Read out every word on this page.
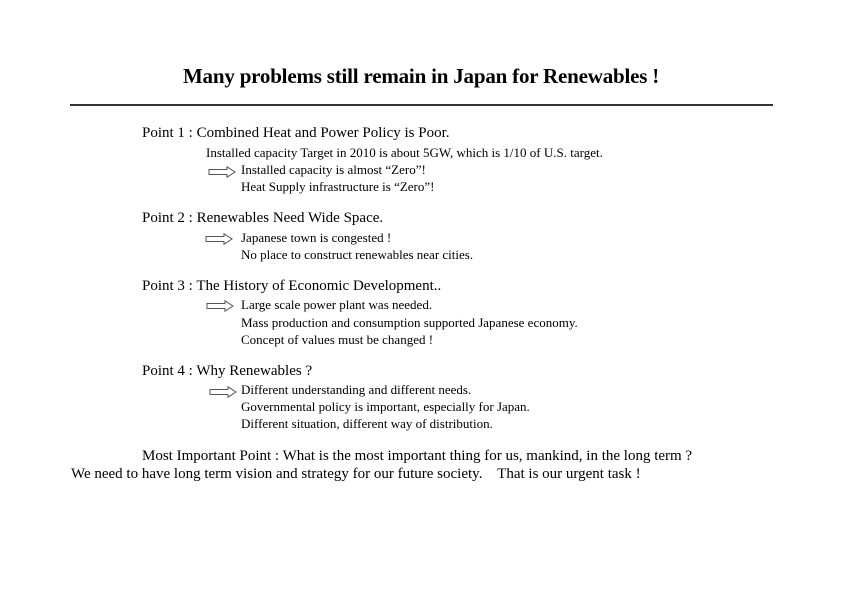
Many problems still remain in Japan for Renewables !
Point 1 : Combined Heat and Power Policy is Poor.
Installed capacity Target in 2010 is about 5GW, which is 1/10 of U.S. target.
Installed capacity is almost “Zero”!
Heat Supply infrastructure is “Zero”!
Point 2 : Renewables Need Wide Space.
Japanese town is congested !
No place to construct renewables near cities.
Point 3 : The History of Economic Development..
Large scale power plant was needed.
Mass production and consumption supported Japanese economy.
Concept of values must be changed !
Point 4 : Why Renewables ?
Different understanding and different needs.
Governmental policy is important, especially for Japan.
Different situation, different way of distribution.
Most Important Point : What is the most important thing for us, mankind, in the long term ?
We need to have long term vision and strategy for our future society.    That is our urgent task !
